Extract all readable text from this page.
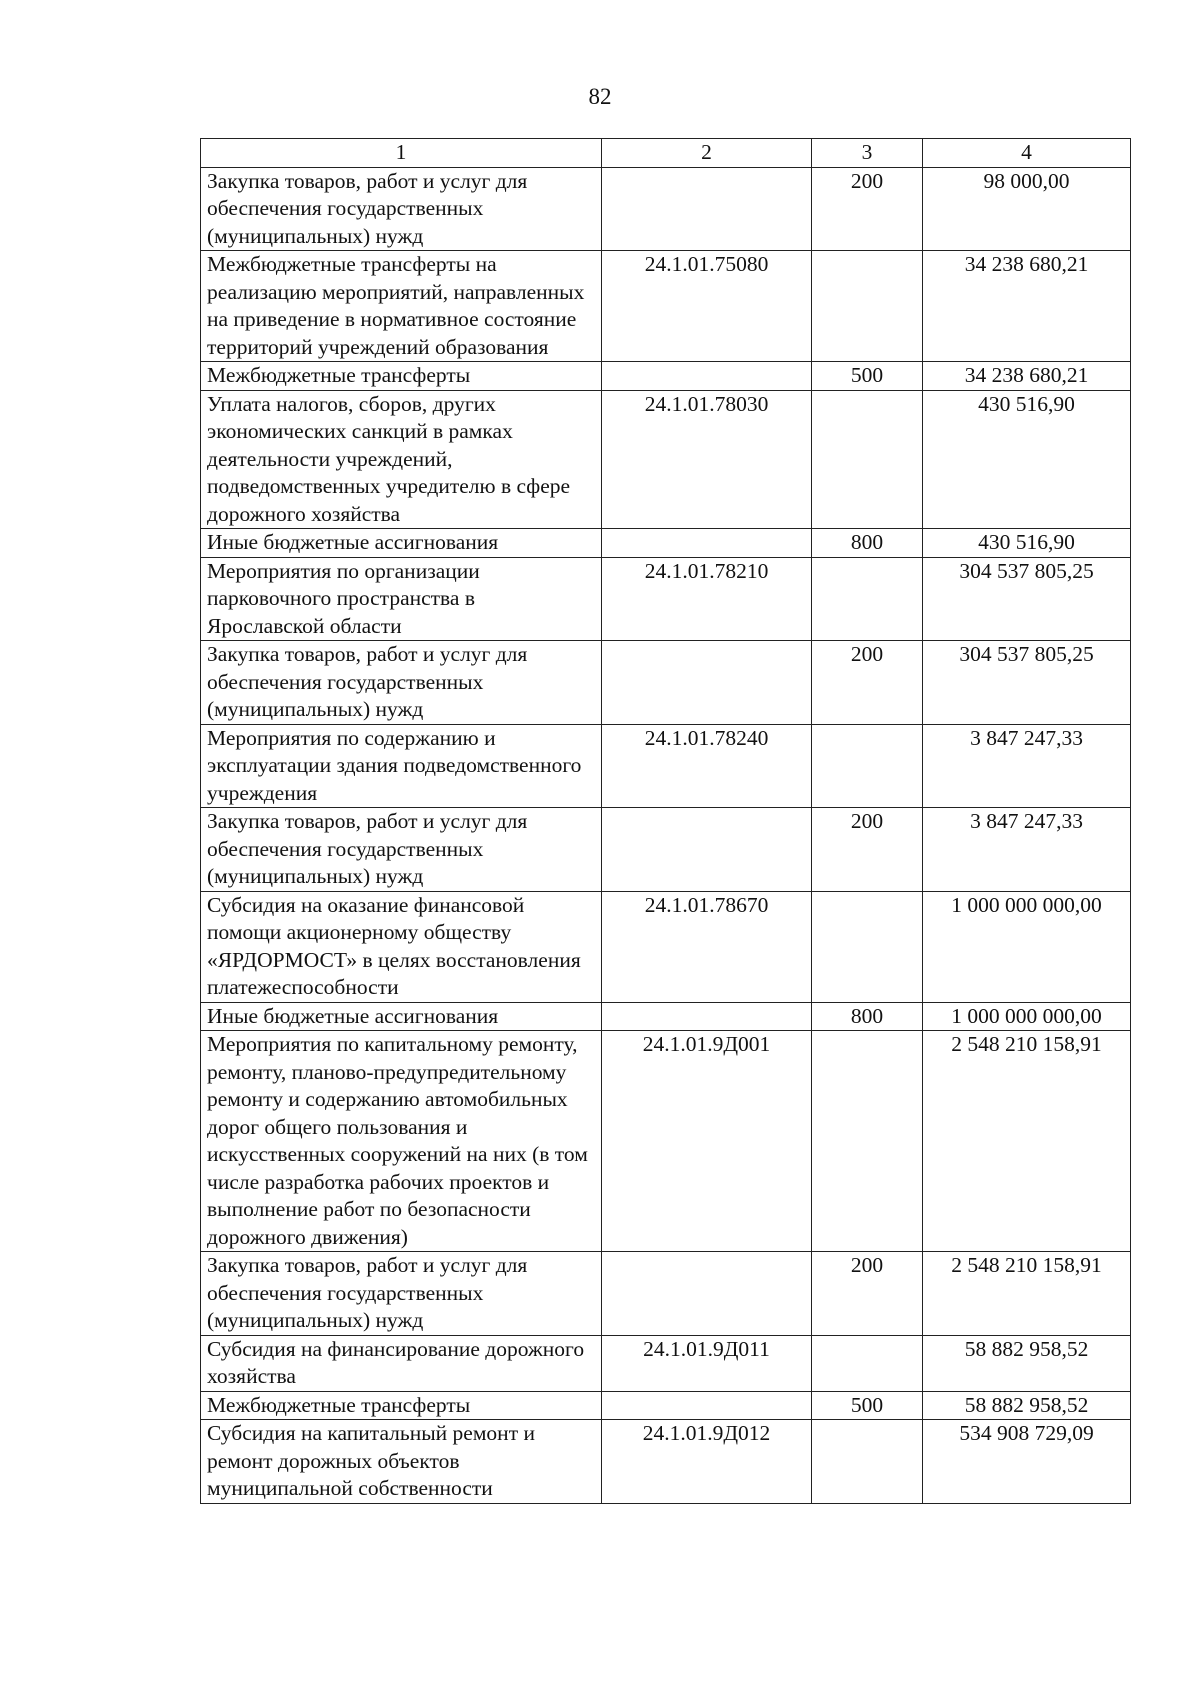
82
1	2	3	4
Закупка товаров, работ и услуг для обеспечения государственных (муниципальных) нужд		200	98 000,00
Межбюджетные трансферты на реализацию мероприятий, направленных на приведение в нормативное состояние территорий учреждений образования	24.1.01.75080		34 238 680,21
Межбюджетные трансферты		500	34 238 680,21
Уплата налогов, сборов, других экономических санкций в рамках деятельности учреждений, подведомственных учредителю в сфере дорожного хозяйства	24.1.01.78030		430 516,90
Иные бюджетные ассигнования		800	430 516,90
Мероприятия по организации парковочного пространства в Ярославской области	24.1.01.78210		304 537 805,25
Закупка товаров, работ и услуг для обеспечения государственных (муниципальных) нужд		200	304 537 805,25
Мероприятия по содержанию и эксплуатации здания подведомственного учреждения	24.1.01.78240		3 847 247,33
Закупка товаров, работ и услуг для обеспечения государственных (муниципальных) нужд		200	3 847 247,33
Субсидия на оказание финансовой помощи акционерному обществу «ЯРДОРМОСТ» в целях восстановления платежеспособности	24.1.01.78670		1 000 000 000,00
Иные бюджетные ассигнования		800	1 000 000 000,00
Мероприятия по капитальному ремонту, ремонту, планово-предупредительному ремонту и содержанию автомобильных дорог общего пользования и искусственных сооружений на них (в том числе разработка рабочих проектов и выполнение работ по безопасности дорожного движения)	24.1.01.9Д001		2 548 210 158,91
Закупка товаров, работ и услуг для обеспечения государственных (муниципальных) нужд		200	2 548 210 158,91
Субсидия на финансирование дорожного хозяйства	24.1.01.9Д011		58 882 958,52
Межбюджетные трансферты		500	58 882 958,52
Субсидия на капитальный ремонт и ремонт дорожных объектов муниципальной собственности	24.1.01.9Д012		534 908 729,09
